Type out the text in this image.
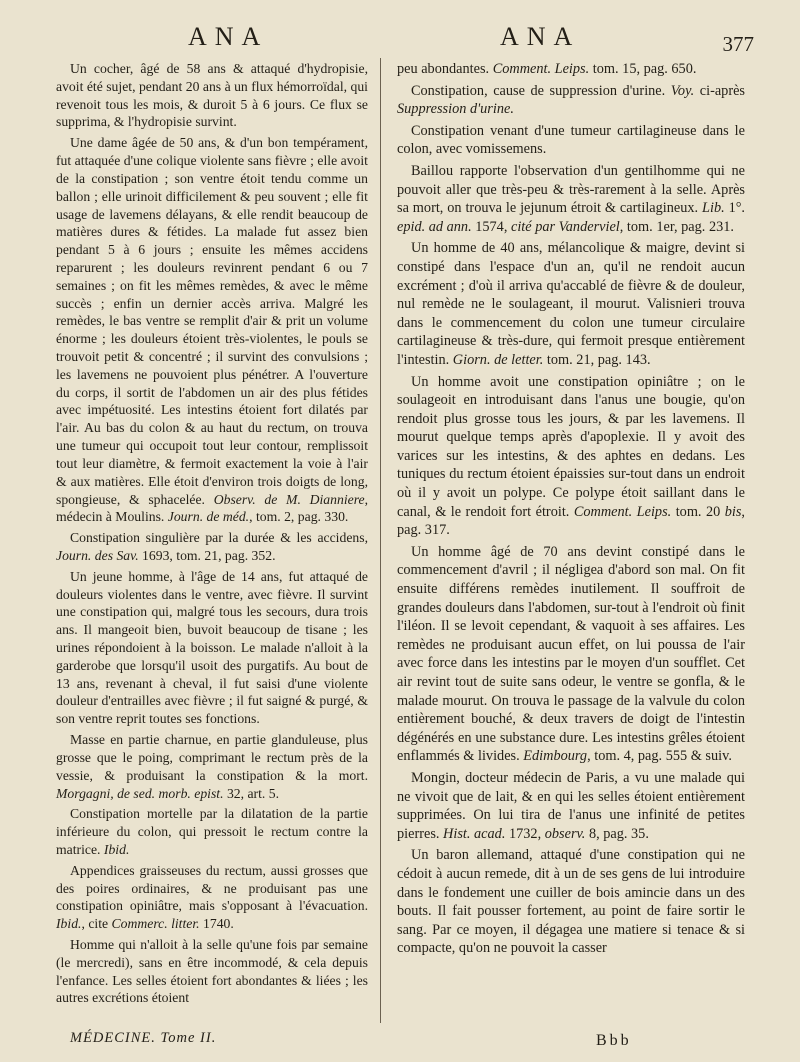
ANA	ANA	377

Un cocher, âgé de 58 ans & attaqué d'hydropisie, avoit été sujet, pendant 20 ans à un flux hémorroïdal, qui revenoit tous les mois, & duroit 5 à 6 jours. Ce flux se supprima, & l'hydropisie survint.

Une dame âgée de 50 ans, & d'un bon tempérament, fut attaquée d'une colique violente sans fièvre ; elle avoit de la constipation ; son ventre étoit tendu comme un ballon ; elle urinoit difficilement & peu souvent ; elle fit usage de lavemens délayans, & elle rendit beaucoup de matières dures & fétides. La malade fut assez bien pendant 5 à 6 jours ; ensuite les mêmes accidens reparurent ; les douleurs revinrent pendant 6 ou 7 semaines ; on fit les mêmes remèdes, & avec le même succès ; enfin un dernier accès arriva. Malgré les remèdes, le bas ventre se remplit d'air & prit un volume énorme ; les douleurs étoient très-violentes, le pouls se trouvoit petit & concentré ; il survint des convulsions ; les lavemens ne pouvoient plus pénétrer. A l'ouverture du corps, il sortit de l'abdomen un air des plus fétides avec impétuosité. Les intestins étoient fort dilatés par l'air. Au bas du colon & au haut du rectum, on trouva une tumeur qui occupoit tout leur contour, remplissoit tout leur diamètre, & fermoit exactement la voie à l'air & aux matières. Elle étoit d'environ trois doigts de long, spongieuse, & sphacelée. Observ. de M. Dianniere, médecin à Moulins. Journ. de méd., tom. 2, pag. 330.

Constipation singulière par la durée & les accidens, Journ. des Sav. 1693, tom. 21, pag. 352.

Un jeune homme, à l'âge de 14 ans, fut attaqué de douleurs violentes dans le ventre, avec fièvre. Il survint une constipation qui, malgré tous les secours, dura trois ans. Il mangeoit bien, buvoit beaucoup de tisane ; les urines répondoient à la boisson. Le malade n'alloit à la garderobe que lorsqu'il usoit des purgatifs. Au bout de 13 ans, revenant à cheval, il fut saisi d'une violente douleur d'entrailles avec fièvre ; il fut saigné & purgé, & son ventre reprit toutes ses fonctions.

Masse en partie charnue, en partie glanduleuse, plus grosse que le poing, comprimant le rectum près de la vessie, & produisant la constipation & la mort. Morgagni, de sed. morb. epist. 32, art. 5.

Constipation mortelle par la dilatation de la partie inférieure du colon, qui pressoit le rectum contre la matrice. Ibid.

Appendices graisseuses du rectum, aussi grosses que des poires ordinaires, & ne produisant pas une constipation opiniâtre, mais s'opposant à l'évacuation. Ibid., cite Commerc. litter. 1740.

Homme qui n'alloit à la selle qu'une fois par semaine (le mercredi), sans en être incommodé, & cela depuis l'enfance. Les selles étoient fort abondantes & liées ; les autres excrétions étoient

peu abondantes. Comment. Leips. tom. 15, pag. 650.

Constipation, cause de suppression d'urine. Voy. ci-après Suppression d'urine.

Constipation venant d'une tumeur cartilagineuse dans le colon, avec vomissemens.

Baillou rapporte l'observation d'un gentilhomme qui ne pouvoit aller que très-peu & très-rarement à la selle. Après sa mort, on trouva le jejunum étroit & cartilagineux. Lib. 1°. epid. ad ann. 1574, cité par Vanderviel, tom. 1er, pag. 231.

Un homme de 40 ans, mélancolique & maigre, devint si constipé dans l'espace d'un an, qu'il ne rendoit aucun excrément ; d'où il arriva qu'accablé de fièvre & de douleur, nul remède ne le soulageant, il mourut. Valisnieri trouva dans le commencement du colon une tumeur circulaire cartilagineuse & très-dure, qui fermoit presque entièrement l'intestin. Giorn. de letter. tom. 21, pag. 143.

Un homme avoit une constipation opiniâtre ; on le soulageoit en introduisant dans l'anus une bougie, qu'on rendoit plus grosse tous les jours, & par les lavemens. Il mourut quelque temps après d'apoplexie. Il y avoit des varices sur les intestins, & des aphtes en dedans. Les tuniques du rectum étoient épaissies sur-tout dans un endroit où il y avoit un polype. Ce polype étoit saillant dans le canal, & le rendoit fort étroit. Comment. Leips. tom. 20 bis, pag. 317.

Un homme âgé de 70 ans devint constipé dans le commencement d'avril ; il négligea d'abord son mal. On fit ensuite différens remèdes inutilement. Il souffroit de grandes douleurs dans l'abdomen, sur-tout à l'endroit où finit l'iléon. Il se levoit cependant, & vaquoit à ses affaires. Les remèdes ne produisant aucun effet, on lui poussa de l'air avec force dans les intestins par le moyen d'un soufflet. Cet air revint tout de suite sans odeur, le ventre se gonfla, & le malade mourut. On trouva le passage de la valvule du colon entièrement bouché, & deux travers de doigt de l'intestin dégénérés en une substance dure. Les intestins grêles étoient enflammés & livides. Edimbourg, tom. 4, pag. 555 & suiv.

Mongin, docteur médecin de Paris, a vu une malade qui ne vivoit que de lait, & en qui les selles étoient entièrement supprimées. On lui tira de l'anus une infinité de petites pierres. Hist. acad. 1732, observ. 8, pag. 35.

Un baron allemand, attaqué d'une constipation qui ne cédoit à aucun remede, dit à un de ses gens de lui introduire dans le fondement une cuiller de bois amincie dans un des bouts. Il fait pousser fortement, au point de faire sortir le sang. Par ce moyen, il dégagea une matiere si tenace & si compacte, qu'on ne pouvoit la casser

MÉDECINE. Tome II.	Bbb
